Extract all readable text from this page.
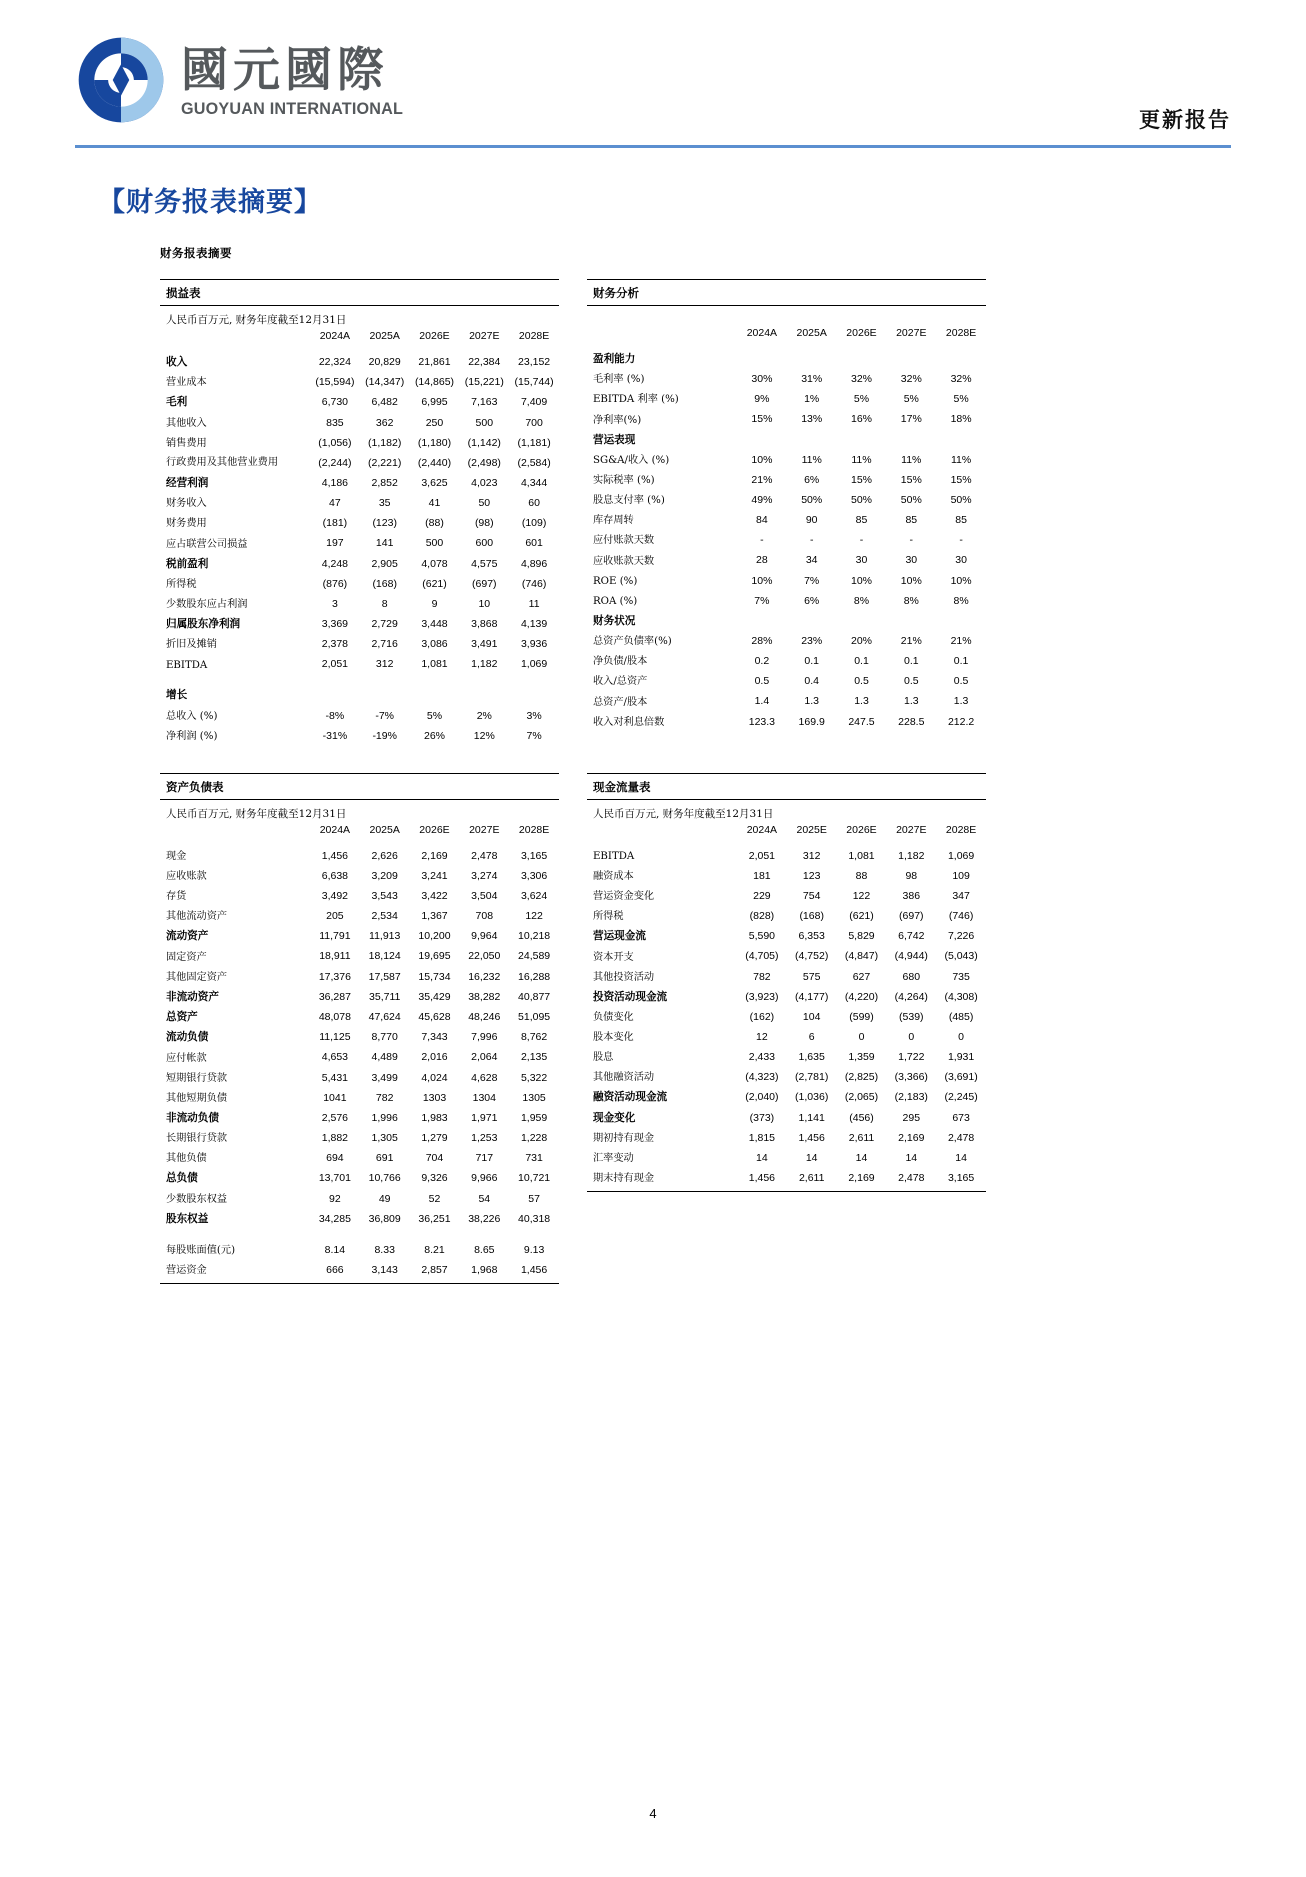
國元國際
GUOYUAN INTERNATIONAL	更新报告
【财务报表摘要】
财务报表摘要
损益表
人民币百万元, 财务年度截至12月31日
	2024A	2025A	2026E	2027E	2028E
收入	22,324	20,829	21,861	22,384	23,152
营业成本	(15,594)	(14,347)	(14,865)	(15,221)	(15,744)
毛利	6,730	6,482	6,995	7,163	7,409
其他收入	835	362	250	500	700
销售费用	(1,056)	(1,182)	(1,180)	(1,142)	(1,181)
行政费用及其他营业费用	(2,244)	(2,221)	(2,440)	(2,498)	(2,584)
经营利润	4,186	2,852	3,625	4,023	4,344
财务收入	47	35	41	50	60
财务费用	(181)	(123)	(88)	(98)	(109)
应占联营公司损益	197	141	500	600	601
税前盈利	4,248	2,905	4,078	4,575	4,896
所得税	(876)	(168)	(621)	(697)	(746)
少数股东应占利润	3	8	9	10	11
归属股东净利润	3,369	2,729	3,448	3,868	4,139
折旧及摊销	2,378	2,716	3,086	3,491	3,936
EBITDA	2,051	312	1,081	1,182	1,069

增长					
总收入 (%)	-8%	-7%	5%	2%	3%
净利润 (%)	-31%	-19%	26%	12%	7%
财务分析

	2024A	2025A	2026E	2027E	2028E
盈利能力					
毛利率 (%)	30%	31%	32%	32%	32%
EBITDA 利率 (%)	9%	1%	5%	5%	5%
净利率(%)	15%	13%	16%	17%	18%
营运表现					
SG&A/收入 (%)	10%	11%	11%	11%	11%
实际税率 (%)	21%	6%	15%	15%	15%
股息支付率 (%)	49%	50%	50%	50%	50%
库存周转	84	90	85	85	85
应付账款天数	-	-	-	-	-
应收账款天数	28	34	30	30	30
ROE (%)	10%	7%	10%	10%	10%
ROA (%)	7%	6%	8%	8%	8%
财务状况					
总资产负债率(%)	28%	23%	20%	21%	21%
净负债/股本	0.2	0.1	0.1	0.1	0.1
收入/总资产	0.5	0.4	0.5	0.5	0.5
总资产/股本	1.4	1.3	1.3	1.3	1.3
收入对利息倍数	123.3	169.9	247.5	228.5	212.2
资产负债表
人民币百万元, 财务年度截至12月31日
	2024A	2025A	2026E	2027E	2028E
现金	1,456	2,626	2,169	2,478	3,165
应收账款	6,638	3,209	3,241	3,274	3,306
存货	3,492	3,543	3,422	3,504	3,624
其他流动资产	205	2,534	1,367	708	122
流动资产	11,791	11,913	10,200	9,964	10,218
固定资产	18,911	18,124	19,695	22,050	24,589
其他固定资产	17,376	17,587	15,734	16,232	16,288
非流动资产	36,287	35,711	35,429	38,282	40,877
总资产	48,078	47,624	45,628	48,246	51,095
流动负债	11,125	8,770	7,343	7,996	8,762
应付帐款	4,653	4,489	2,016	2,064	2,135
短期银行贷款	5,431	3,499	4,024	4,628	5,322
其他短期负债	1041	782	1303	1304	1305
非流动负债	2,576	1,996	1,983	1,971	1,959
长期银行贷款	1,882	1,305	1,279	1,253	1,228
其他负债	694	691	704	717	731
总负债	13,701	10,766	9,326	9,966	10,721
少数股东权益	92	49	52	54	57
股东权益	34,285	36,809	36,251	38,226	40,318

每股账面值(元)	8.14	8.33	8.21	8.65	9.13
营运资金	666	3,143	2,857	1,968	1,456
现金流量表
人民币百万元, 财务年度截至12月31日
	2024A	2025E	2026E	2027E	2028E
EBITDA	2,051	312	1,081	1,182	1,069
融资成本	181	123	88	98	109
营运资金变化	229	754	122	386	347
所得税	(828)	(168)	(621)	(697)	(746)
营运现金流	5,590	6,353	5,829	6,742	7,226
资本开支	(4,705)	(4,752)	(4,847)	(4,944)	(5,043)
其他投资活动	782	575	627	680	735
投资活动现金流	(3,923)	(4,177)	(4,220)	(4,264)	(4,308)
负债变化	(162)	104	(599)	(539)	(485)
股本变化	12	6	0	0	0
股息	2,433	1,635	1,359	1,722	1,931
其他融资活动	(4,323)	(2,781)	(2,825)	(3,366)	(3,691)
融资活动现金流	(2,040)	(1,036)	(2,065)	(2,183)	(2,245)
现金变化	(373)	1,141	(456)	295	673
期初持有现金	1,815	1,456	2,611	2,169	2,478
汇率变动	14	14	14	14	14
期末持有现金	1,456	2,611	2,169	2,478	3,165
4
